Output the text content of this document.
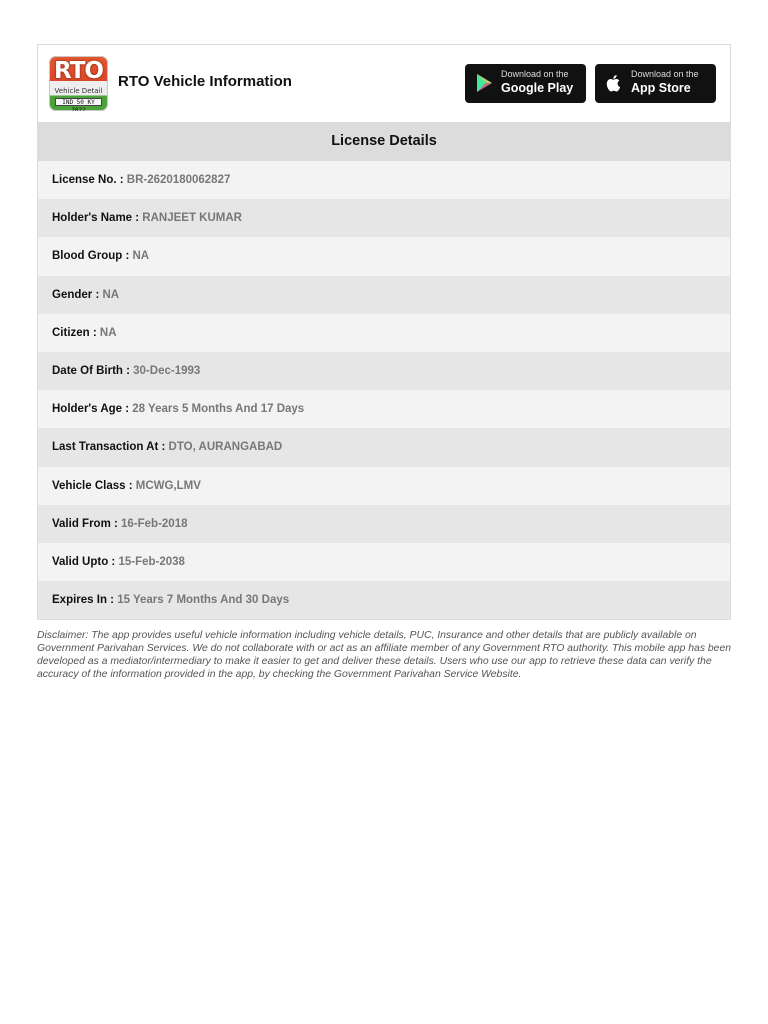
RTO
Vehicle Detail
IND 50 KY 2022
RTO Vehicle Information	Download on the
Google Play
Download on the
App Store
License Details
License No. : BR-2620180062827
Holder's Name : RANJEET KUMAR
Blood Group : NA
Gender : NA
Citizen : NA
Date Of Birth : 30-Dec-1993
Holder's Age : 28 Years 5 Months And 17 Days
Last Transaction At : DTO, AURANGABAD
Vehicle Class : MCWG,LMV
Valid From : 16-Feb-2018
Valid Upto : 15-Feb-2038
Expires In : 15 Years 7 Months And 30 Days
Disclaimer: The app provides useful vehicle information including vehicle details, PUC, Insurance and other details that are publicly available on Government Parivahan Services. We do not collaborate with or act as an affiliate member of any Government RTO authority. This mobile app has been developed as a mediator/intermediary to make it easier to get and deliver these details. Users who use our app to retrieve these data can verify the accuracy of the information provided in the app, by checking the Government Parivahan Service Website.
